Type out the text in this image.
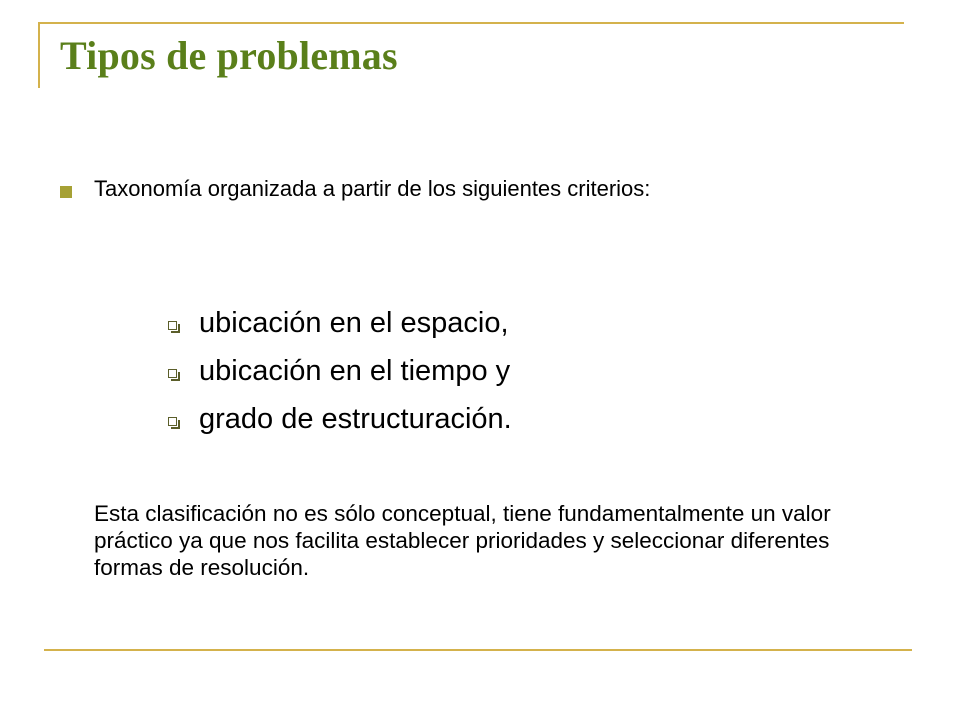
Tipos de problemas
Taxonomía organizada a partir de los siguientes criterios:
ubicación en el espacio,
ubicación en el tiempo y
grado de estructuración.
Esta clasificación no es sólo conceptual, tiene fundamentalmente un valor práctico ya que nos facilita establecer prioridades y seleccionar diferentes formas de resolución.
